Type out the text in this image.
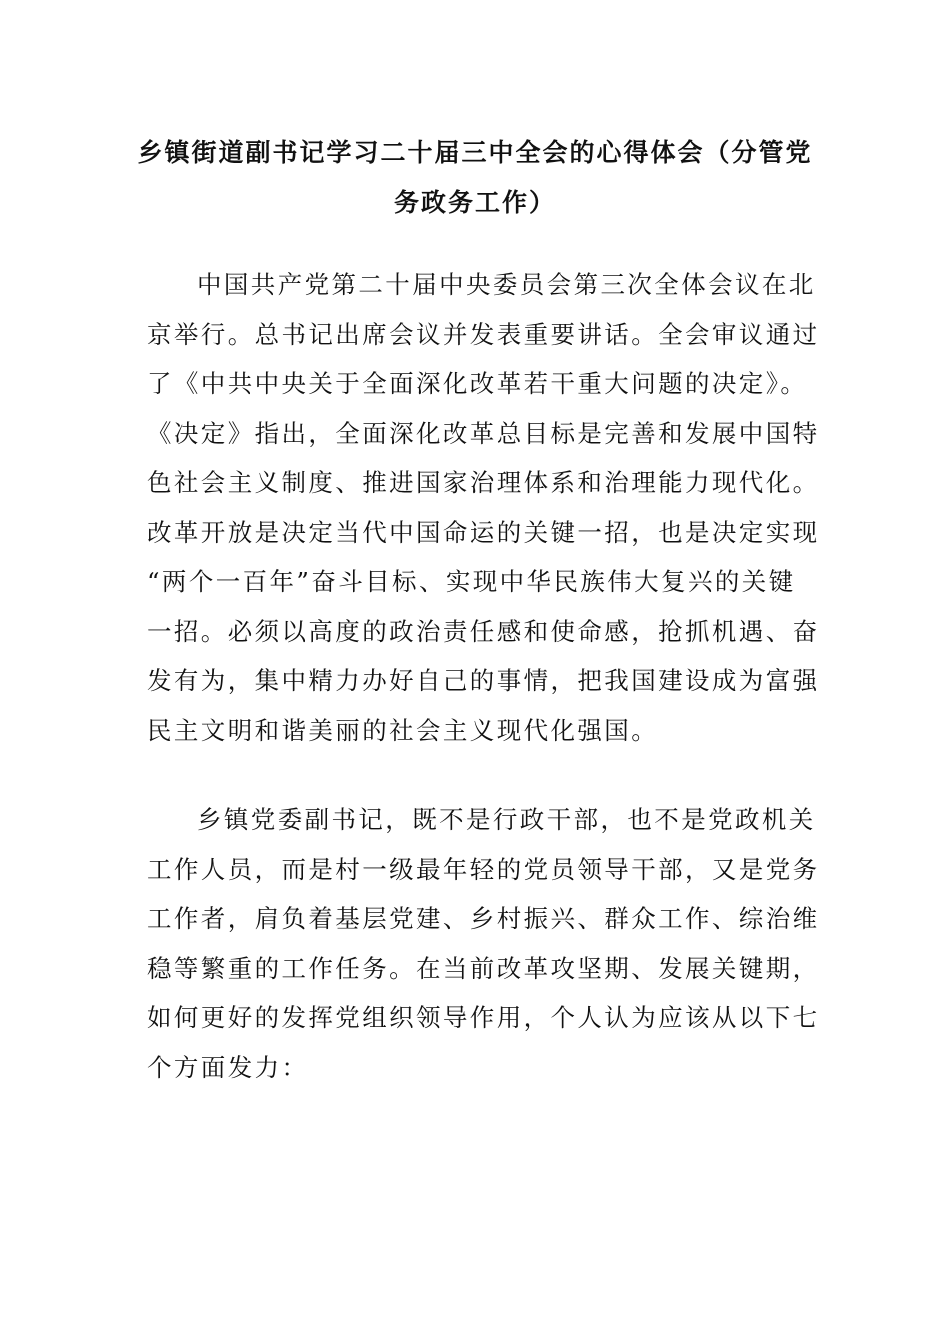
乡镇街道副书记学习二十届三中全会的心得体会（分管党
务政务工作）
中国共产党第二十届中央委员会第三次全体会议在北
京举行。总书记出席会议并发表重要讲话。全会审议通过
了《中共中央关于全面深化改革若干重大问题的决定》。
《决定》指出，全面深化改革总目标是完善和发展中国特
色社会主义制度、推进国家治理体系和治理能力现代化。
改革开放是决定当代中国命运的关键一招，也是决定实现
“两个一百年”奋斗目标、实现中华民族伟大复兴的关键
一招。必须以高度的政治责任感和使命感，抢抓机遇、奋
发有为，集中精力办好自己的事情，把我国建设成为富强
民主文明和谐美丽的社会主义现代化强国。
乡镇党委副书记，既不是行政干部，也不是党政机关
工作人员，而是村一级最年轻的党员领导干部，又是党务
工作者，肩负着基层党建、乡村振兴、群众工作、综治维
稳等繁重的工作任务。在当前改革攻坚期、发展关键期，
如何更好的发挥党组织领导作用，个人认为应该从以下七
个方面发力：
